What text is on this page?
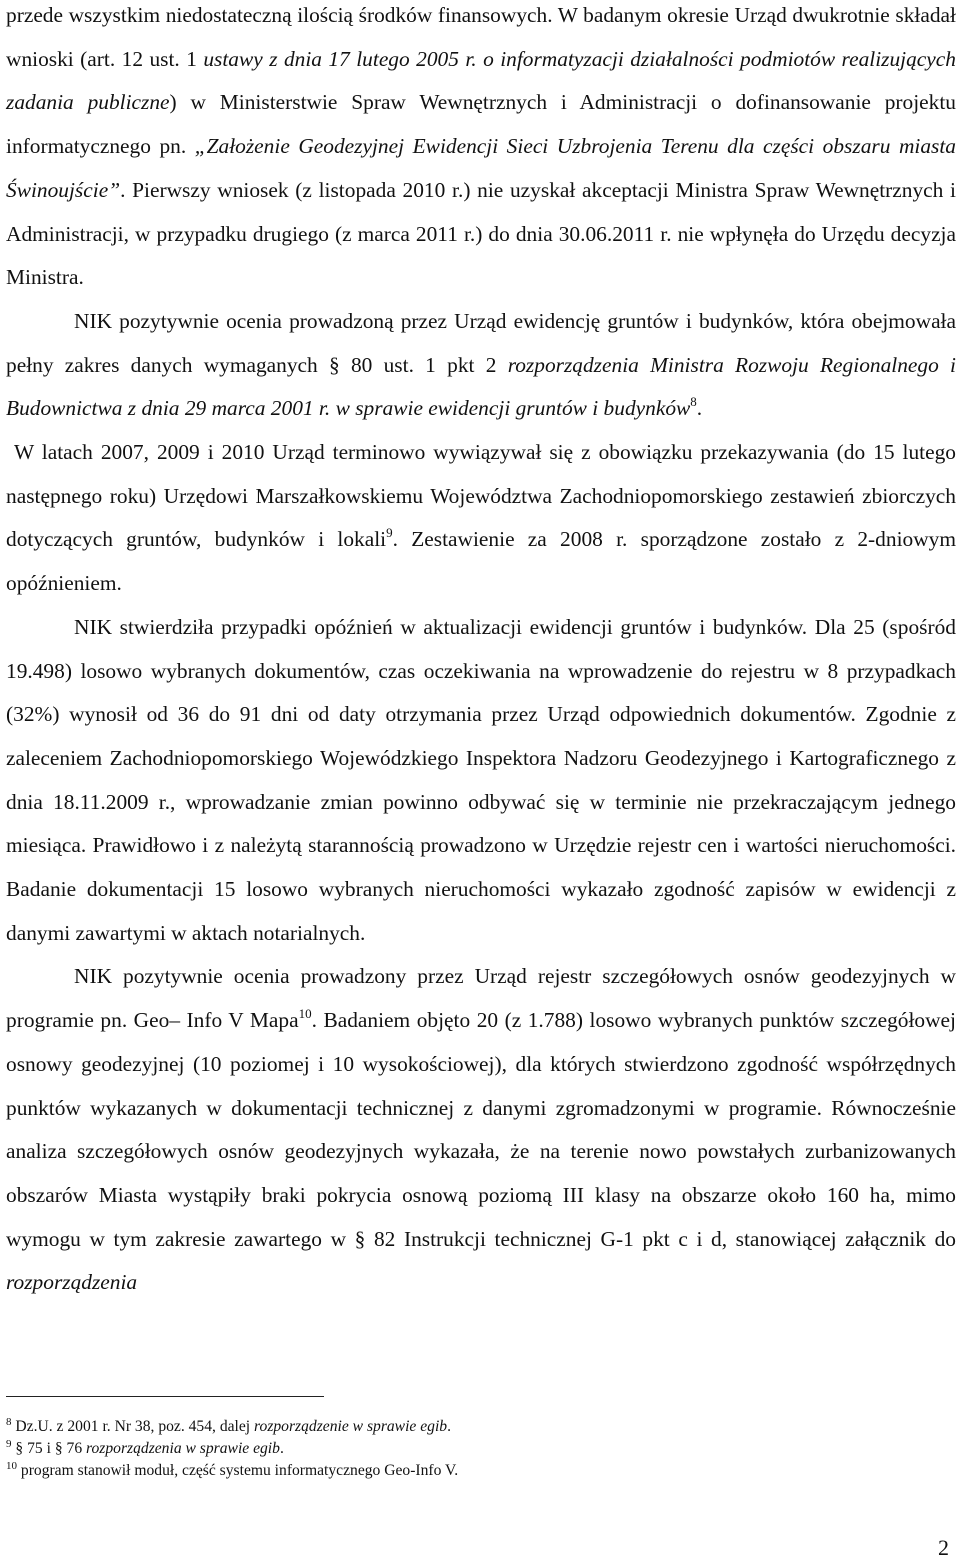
przede wszystkim niedostateczną ilością środków finansowych. W badanym okresie Urząd dwukrotnie składał wnioski (art. 12 ust. 1 ustawy z dnia 17 lutego 2005 r. o informatyzacji działalności podmiotów realizujących zadania publiczne) w Ministerstwie Spraw Wewnętrznych i Administracji o dofinansowanie projektu informatycznego pn. „Założenie Geodezyjnej Ewidencji Sieci Uzbrojenia Terenu dla części obszaru miasta Świnoujście”. Pierwszy wniosek (z listopada 2010 r.) nie uzyskał akceptacji Ministra Spraw Wewnętrznych i Administracji, w przypadku drugiego (z marca 2011 r.) do dnia 30.06.2011 r. nie wpłynęła do Urzędu decyzja Ministra.

NIK pozytywnie ocenia prowadzoną przez Urząd ewidencję gruntów i budynków, która obejmowała pełny zakres danych wymaganych § 80 ust. 1 pkt 2 rozporządzenia Ministra Rozwoju Regionalnego i Budownictwa z dnia 29 marca 2001 r. w sprawie ewidencji gruntów i budynków$^8$.

W latach 2007, 2009 i 2010 Urząd terminowo wywiązywał się z obowiązku przekazywania (do 15 lutego następnego roku) Urzędowi Marszałkowskiemu Województwa Zachodniopomorskiego zestawień zbiorczych dotyczących gruntów, budynków i lokali$^9$. Zestawienie za 2008 r. sporządzone zostało z 2-dniowym opóźnieniem.

NIK stwierdziła przypadki opóźnień w aktualizacji ewidencji gruntów i budynków. Dla 25 (spośród 19.498) losowo wybranych dokumentów, czas oczekiwania na wprowadzenie do rejestru w 8 przypadkach (32%) wynosił od 36 do 91 dni od daty otrzymania przez Urząd odpowiednich dokumentów. Zgodnie z zaleceniem Zachodniopomorskiego Wojewódzkiego Inspektora Nadzoru Geodezyjnego i Kartograficznego z dnia 18.11.2009 r., wprowadzanie zmian powinno odbywać się w terminie nie przekraczającym jednego miesiąca. Prawidłowo i z należytą starannością prowadzono w Urzędzie rejestr cen i wartości nieruchomości. Badanie dokumentacji 15 losowo wybranych nieruchomości wykazało zgodność zapisów w ewidencji z danymi zawartymi w aktach notarialnych.

NIK pozytywnie ocenia prowadzony przez Urząd rejestr szczegółowych osnów geodezyjnych w programie pn. Geo– Info V Mapa$^{10}$. Badaniem objęto 20 (z 1.788) losowo wybranych punktów szczegółowej osnowy geodezyjnej (10 poziomej i 10 wysokościowej), dla których stwierdzono zgodność współrzędnych punktów wykazanych w dokumentacji technicznej z danymi zgromadzonymi w programie. Równocześnie analiza szczegółowych osnów geodezyjnych wykazała, że na terenie nowo powstałych zurbanizowanych obszarów Miasta wystąpiły braki pokrycia osnową poziomą III klasy na obszarze około 160 ha, mimo wymogu w tym zakresie zawartego w § 82 Instrukcji technicznej G-1 pkt c i d, stanowiącej załącznik do rozporządzenia

$^8$ Dz.U. z 2001 r. Nr 38, poz. 454, dalej rozporządzenie w sprawie egib.

$^9$ § 75 i § 76 rozporządzenia w sprawie egib.

$^{10}$ program stanowił moduł, część systemu informatycznego Geo-Info V.

2
